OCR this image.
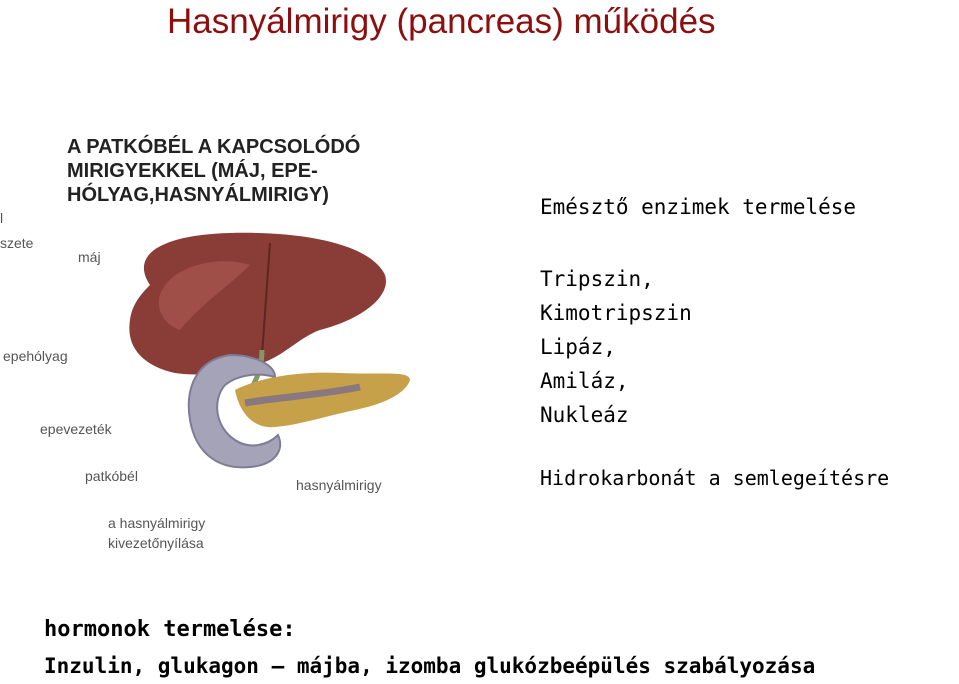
Hasnyálmirigy (pancreas) működés
A PATKÓBÉL A KAPCSOLÓDÓ
MIRIGYEKKEL (MÁJ, EPE-
HÓLYAG,HASNYÁLMIRIGY)
máj
epehólyag
epevezeték
patkóbél
hasnyálmirigy
a hasnyálmirigy
kivezetőnyílása
l
szete
Emésztő enzimek termelése
Tripszin,
Kimotripszin
Lipáz,
Amiláz,
Nukleáz
Hidrokarbonát a semlegeítésre
hormonok termelése:
Inzulin, glukagon – májba, izomba glukózbeépülés szabályozása
